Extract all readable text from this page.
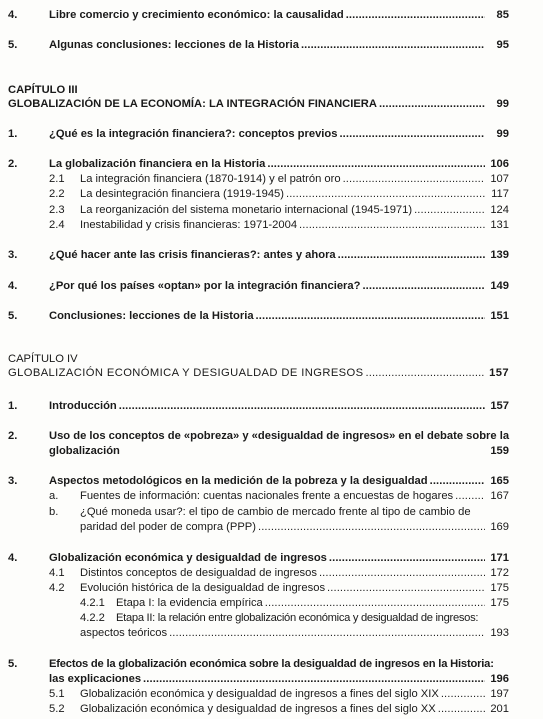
4.	Libre comercio y crecimiento económico: la causalidad . . .	85
5.	Algunas conclusiones: lecciones de la Historia . . .	95
CAPÍTULO III
GLOBALIZACIÓN DE LA ECONOMÍA: LA INTEGRACIÓN FINANCIERA . . .	99
1.	¿Qué es la integración financiera?: conceptos previos . . .	99
2.	La globalización financiera en la Historia . . .	106
2.1 La integración financiera (1870-1914) y el patrón oro . . .	107
2.2 La desintegración financiera (1919-1945) . . .	117
2.3 La reorganización del sistema monetario internacional (1945-1971) . . .	124
2.4 Inestabilidad y crisis financieras: 1971-2004 . . .	131
3.	¿Qué hacer ante las crisis financieras?: antes y ahora . . .	139
4.	¿Por qué los países «optan» por la integración financiera? . . .	149
5.	Conclusiones: lecciones de la Historia . . .	151
CAPÍTULO IV
GLOBALIZACIÓN ECONÓMICA Y DESIGUALDAD DE INGRESOS . . .	157
1.	Introducción . . .	157
2.	Uso de los conceptos de «pobreza» y «desigualdad de ingresos» en el debate sobre la
globalización	159
3.	Aspectos metodológicos en la medición de la pobreza y la desigualdad . . .	165
a. Fuentes de información: cuentas nacionales frente a encuestas de hogares . . .	167
b. ¿Qué moneda usar?: el tipo de cambio de mercado frente al tipo de cambio de
paridad del poder de compra (PPP) . . .	169
4.	Globalización económica y desigualdad de ingresos . . .	171
4.1 Distintos conceptos de desigualdad de ingresos . . .	172
4.2 Evolución histórica de la desigualdad de ingresos . . .	175
4.2.1 Etapa I: la evidencia empírica . . .	175
4.2.2 Etapa II: la relación entre globalización económica y desigualdad de ingresos:
aspectos teóricos . . .	193
5.	Efectos de la globalización económica sobre la desigualdad de ingresos en la Historia:
las explicaciones . . .	196
5.1 Globalización económica y desigualdad de ingresos a fines del siglo XIX . . .	197
5.2 Globalización económica y desigualdad de ingresos a fines del siglo XX . . .	201
